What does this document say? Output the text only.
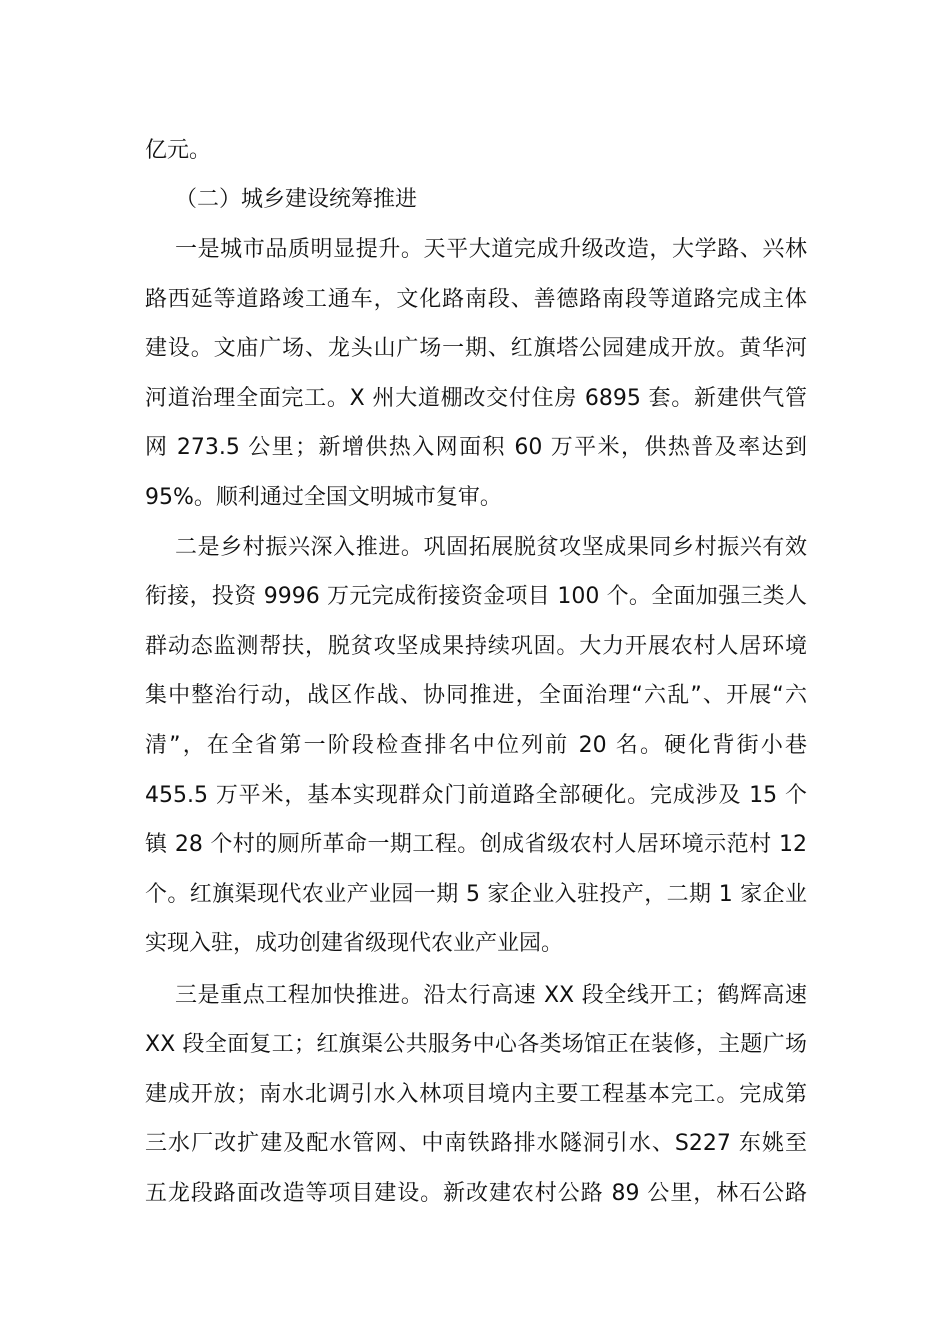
亿元。
（二）城乡建设统筹推进
一是城市品质明显提升。天平大道完成升级改造，大学路、兴林
路西延等道路竣工通车，文化路南段、善德路南段等道路完成主体
建设。文庙广场、龙头山广场一期、红旗塔公园建成开放。黄华河
河道治理全面完工。X 州大道棚改交付住房 6895 套。新建供气管
网 273.5 公里；新增供热入网面积 60 万平米，供热普及率达到
95%。顺利通过全国文明城市复审。
二是乡村振兴深入推进。巩固拓展脱贫攻坚成果同乡村振兴有效
衔接，投资 9996 万元完成衔接资金项目 100 个。全面加强三类人
群动态监测帮扶，脱贫攻坚成果持续巩固。大力开展农村人居环境
集中整治行动，战区作战、协同推进，全面治理“六乱”、开展“六
清”，在全省第一阶段检查排名中位列前 20 名。硬化背街小巷
455.5 万平米，基本实现群众门前道路全部硬化。完成涉及 15 个
镇 28 个村的厕所革命一期工程。创成省级农村人居环境示范村 12
个。红旗渠现代农业产业园一期 5 家企业入驻投产，二期 1 家企业
实现入驻，成功创建省级现代农业产业园。
三是重点工程加快推进。沿太行高速 XX 段全线开工；鹤辉高速
XX 段全面复工；红旗渠公共服务中心各类场馆正在装修，主题广场
建成开放；南水北调引水入林项目境内主要工程基本完工。完成第
三水厂改扩建及配水管网、中南铁路排水隧洞引水、S227 东姚至
五龙段路面改造等项目建设。新改建农村公路 89 公里，林石公路
